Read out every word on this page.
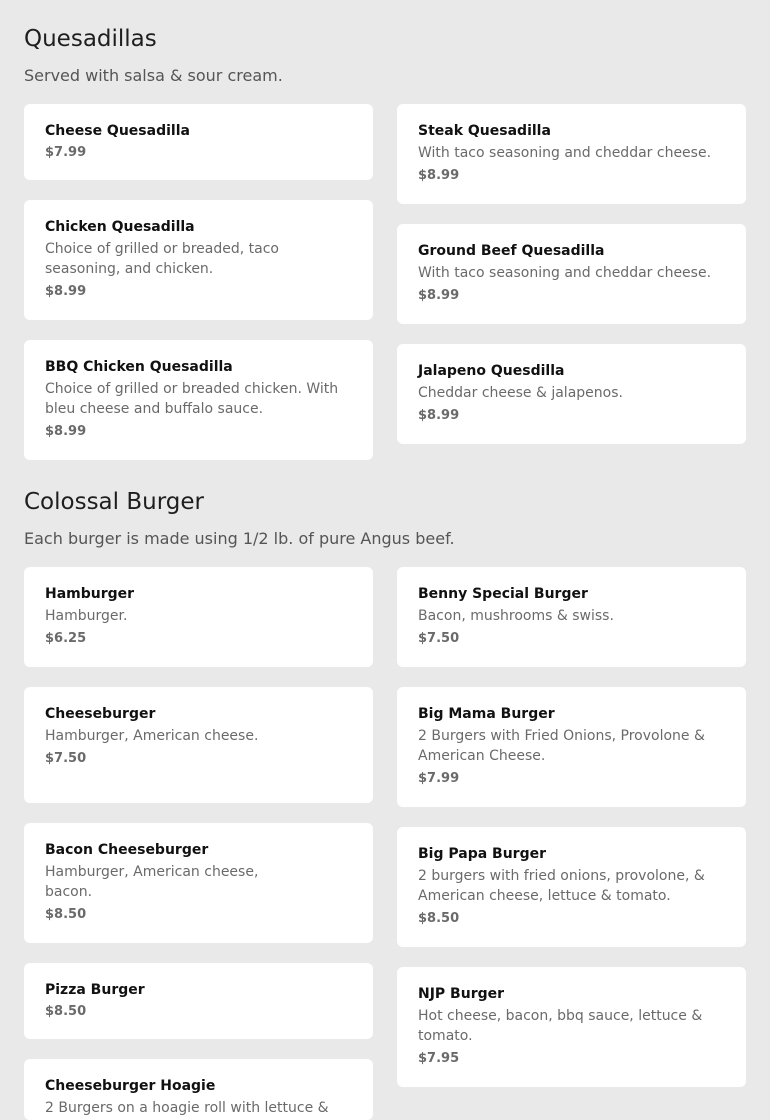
Quesadillas

Served with salsa & sour cream.

Cheese Quesadilla

$7.99

Steak Quesadilla

With taco seasoning and cheddar cheese.

$8.99

Chicken Quesadilla

Choice of grilled or breaded, taco seasoning, and chicken.

$8.99

Ground Beef Quesadilla

With taco seasoning and cheddar cheese.

$8.99

BBQ Chicken Quesadilla

Choice of grilled or breaded chicken. With bleu cheese and buffalo sauce.

$8.99

Jalapeno Quesdilla

Cheddar cheese & jalapenos.

$8.99

Colossal Burger

Each burger is made using 1/2 lb. of pure Angus beef.

Hamburger

Hamburger.

$6.25

Benny Special Burger

Bacon, mushrooms & swiss.

$7.50

Cheeseburger

Hamburger, American cheese.

$7.50

Big Mama Burger

2 Burgers with Fried Onions, Provolone & American Cheese.

$7.99

Bacon Cheeseburger

Hamburger, American cheese, bacon.

$8.50

Big Papa Burger

2 burgers with fried onions, provolone, & American cheese, lettuce & tomato.

$8.50

Pizza Burger

$8.50

NJP Burger

Hot cheese, bacon, bbq sauce, lettuce & tomato.

$7.95

Cheeseburger Hoagie

2 Burgers on a hoagie roll with lettuce &
